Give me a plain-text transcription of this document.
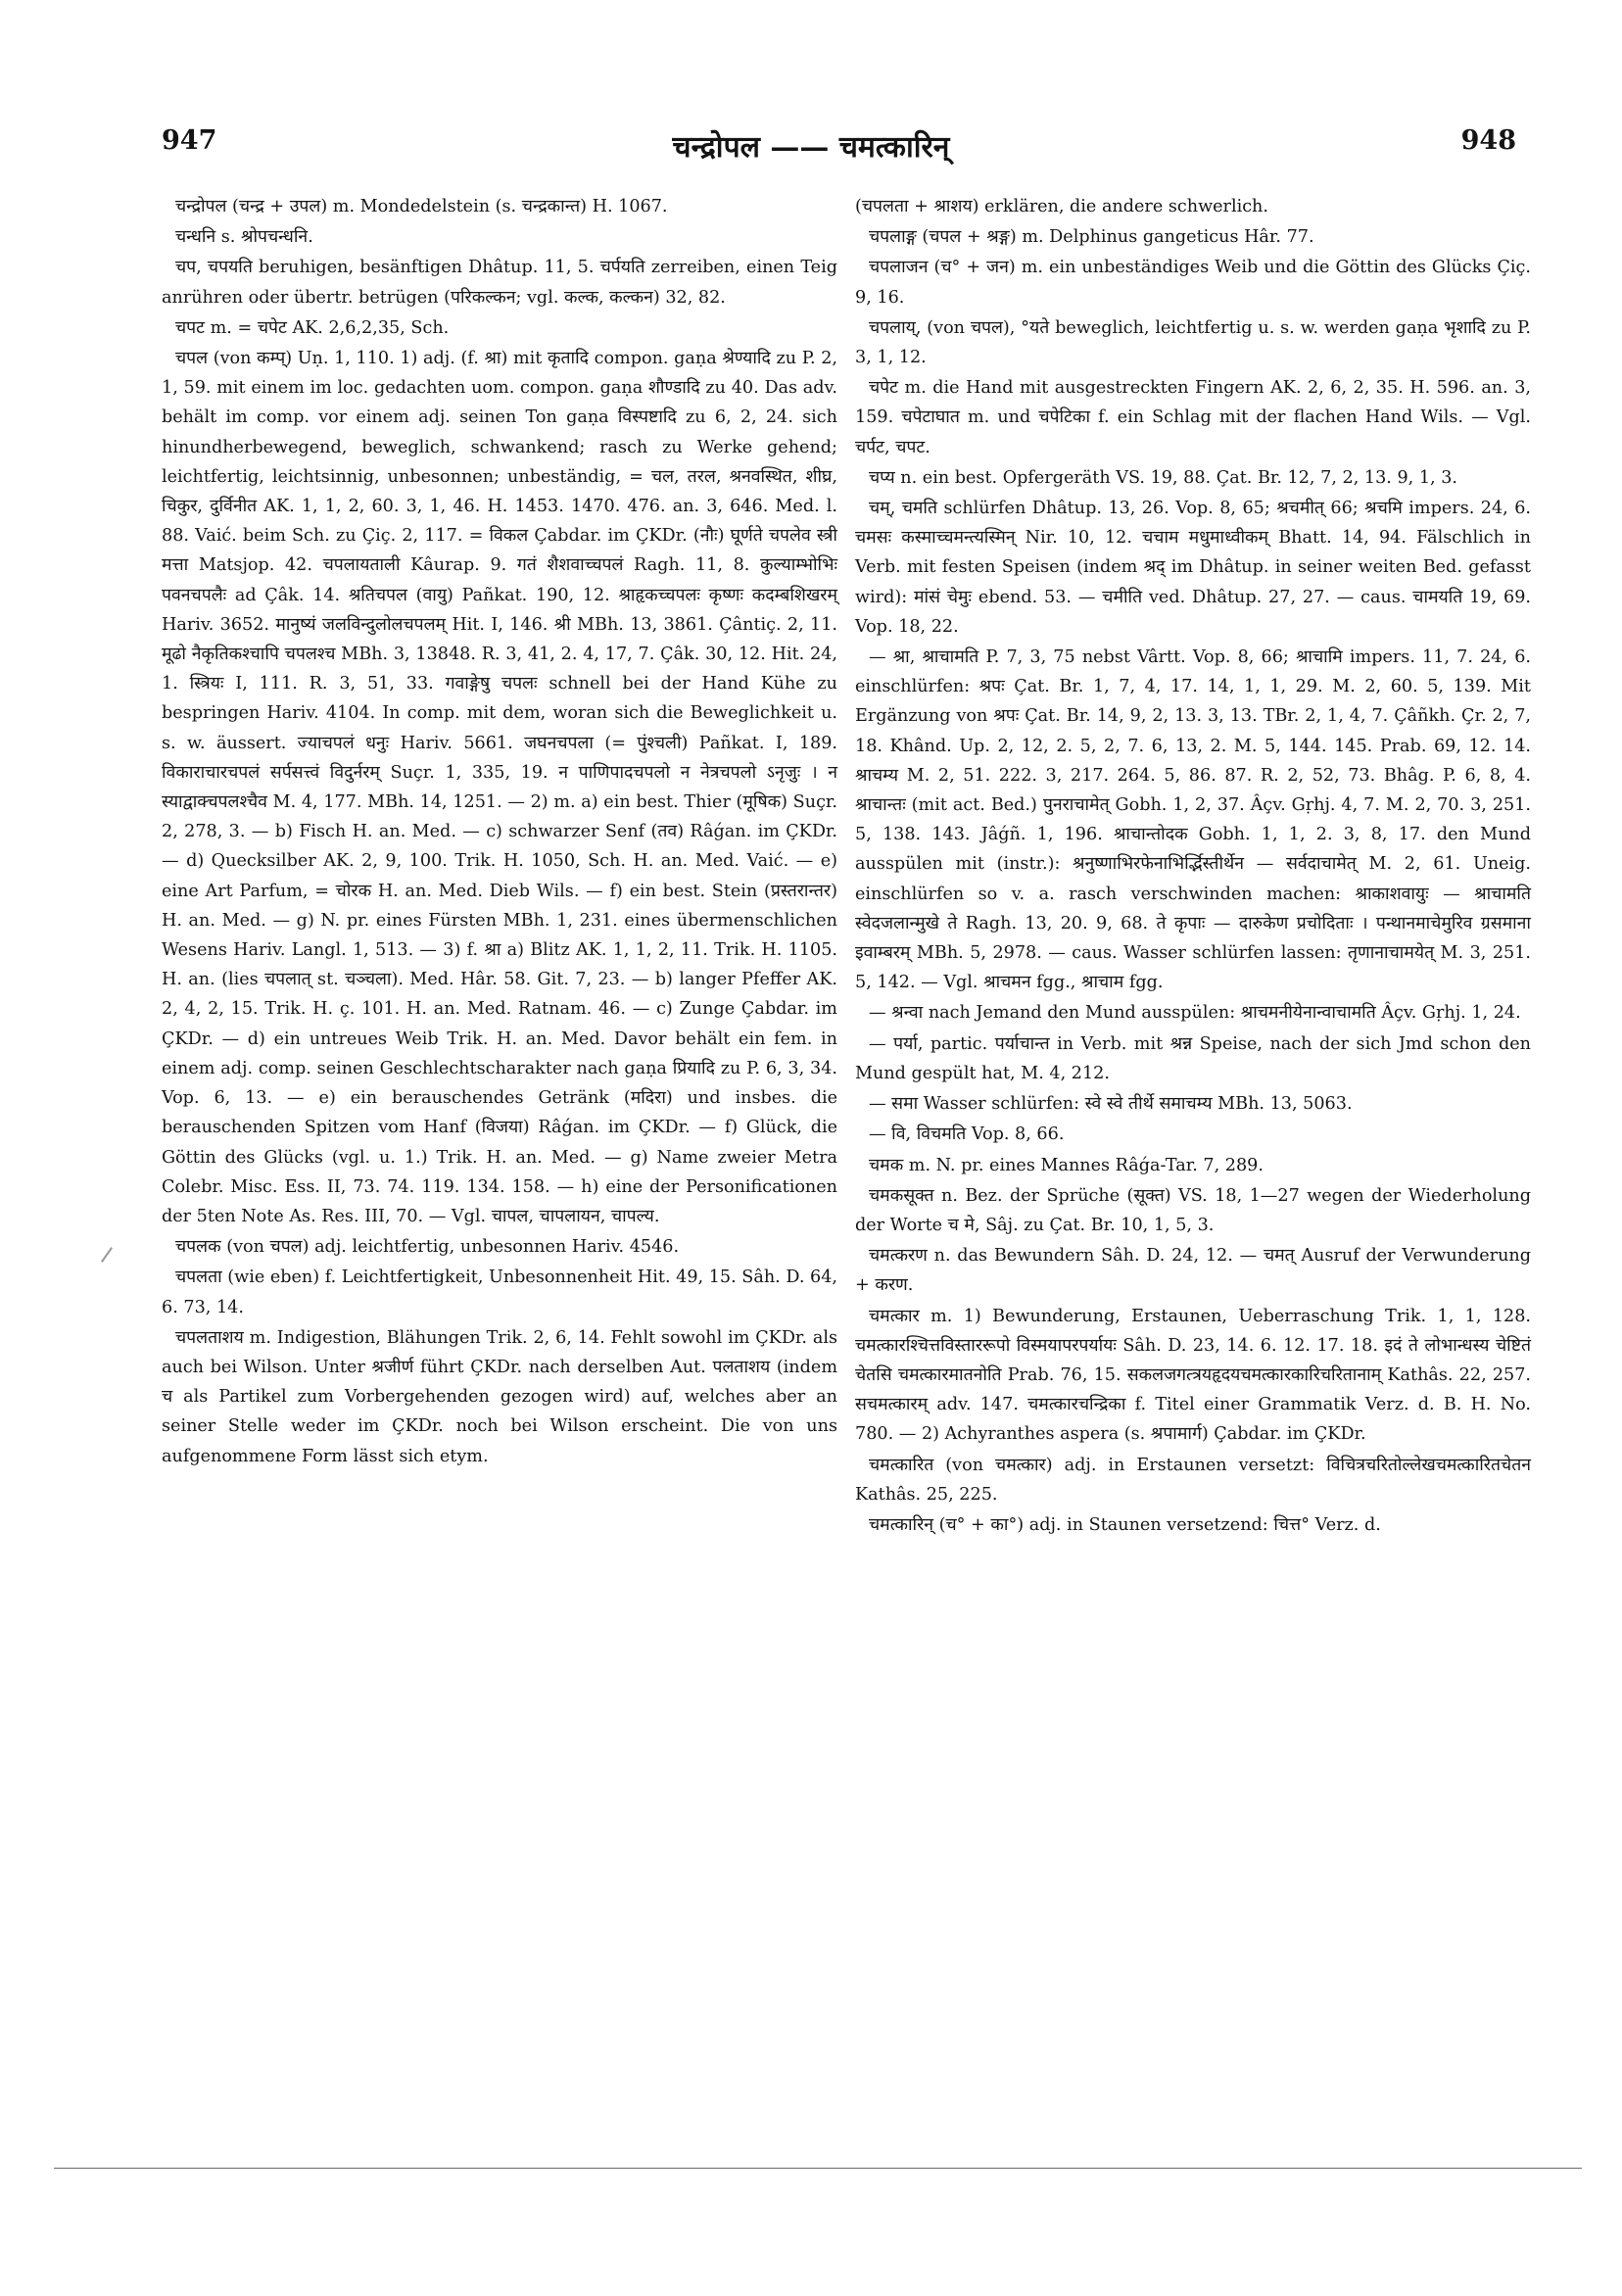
947	चन्द्रोपल —— चमत्कारिन्	948

चन्द्रोपल (चन्द्र + उपल) m. Mondedelstein (s. चन्द्रकान्त) H. 1067.

चन्धनि s. श्रोपचन्धनि.

चप, चपयति beruhigen, besänftigen Dhâtup. 11, 5. चर्पयति zerreiben, einen Teig anrühren oder übertr. betrügen (परिकल्कन; vgl. कल्क, कल्कन) 32, 82.

चपट m. = चपेट AK. 2,6,2,35, Sch.

चपल (von कम्प्) Uṇ. 1, 110. 1) adj. (f. श्रा) mit कृतादि compon. gaṇa श्रेण्यादि zu P. 2, 1, 59. mit einem im loc. gedachten uom. compon. gaṇa शौण्डादि zu 40. Das adv. behält im comp. vor einem adj. seinen Ton gaṇa विस्पष्टादि zu 6, 2, 24. sich hinundherbewegend, beweglich, schwankend; rasch zu Werke gehend; leichtfertig, leichtsinnig, unbesonnen; unbeständig, = चल, तरल, श्रनवस्थित, शीघ्र, चिकुर, दुर्विनीत AK. 1, 1, 2, 60. 3, 1, 46. H. 1453. 1470. 476. an. 3, 646. Med. l. 88. Vaić. beim Sch. zu Çiç. 2, 117. = विकल Çabdar. im ÇKDr. (नौः) घूर्णते चपलेव स्त्री मत्ता Matsjop. 42. चपलायताली Kâurap. 9. गतं शैशवाच्चपलं Ragh. 11, 8. कुल्याम्भोभिः पवनचपलैः ad Çâk. 14. श्रतिचपल (वायु) Pañkat. 190, 12. श्राहृकच्चपलः कृष्णः कदम्बशिखरम् Hariv. 3652. मानुष्यं जलविन्दुलोलचपलम् Hit. I, 146. श्री MBh. 13, 3861. Çântiç. 2, 11. मूढो नैकृतिकश्चापि चपलश्च MBh. 3, 13848. R. 3, 41, 2. 4, 17, 7. Çâk. 30, 12. Hit. 24, 1. स्त्रियः I, 111. R. 3, 51, 33. गवाङ्गेषु चपलः schnell bei der Hand Kühe zu bespringen Hariv. 4104. In comp. mit dem, woran sich die Beweglichkeit u. s. w. äussert. ज्याचपलं धनुः Hariv. 5661. जघनचपला (= पुंश्चली) Pañkat. I, 189. विकाराचारचपलं सर्पसत्त्वं विदुर्नरम् Suçr. 1, 335, 19. न पाणिपादचपलो न नेत्रचपलो ऽनृजुः । न स्याद्वाक्चपलश्चैव M. 4, 177. MBh. 14, 1251. — 2) m. a) ein best. Thier (मूषिक) Suçr. 2, 278, 3. — b) Fisch H. an. Med. — c) schwarzer Senf (तव) Râǵan. im ÇKDr. — d) Quecksilber AK. 2, 9, 100. Trik. H. 1050, Sch. H. an. Med. Vaić. — e) eine Art Parfum, = चोरक H. an. Med. Dieb Wils. — f) ein best. Stein (प्रस्तरान्तर) H. an. Med. — g) N. pr. eines Fürsten MBh. 1, 231. eines übermenschlichen Wesens Hariv. Langl. 1, 513. — 3) f. श्रा a) Blitz AK. 1, 1, 2, 11. Trik. H. 1105. H. an. (lies चपलात् st. चञ्चला). Med. Hâr. 58. Git. 7, 23. — b) langer Pfeffer AK. 2, 4, 2, 15. Trik. H. ç. 101. H. an. Med. Ratnam. 46. — c) Zunge Çabdar. im ÇKDr. — d) ein untreues Weib Trik. H. an. Med. Davor behält ein fem. in einem adj. comp. seinen Geschlechtscharakter nach gaṇa प्रियादि zu P. 6, 3, 34. Vop. 6, 13. — e) ein berauschendes Getränk (मदिरा) und insbes. die berauschenden Spitzen vom Hanf (विजया) Râǵan. im ÇKDr. — f) Glück, die Göttin des Glücks (vgl. u. 1.) Trik. H. an. Med. — g) Name zweier Metra Colebr. Misc. Ess. II, 73. 74. 119. 134. 158. — h) eine der Personificationen der 5ten Note As. Res. III, 70. — Vgl. चापल, चापलायन, चापल्य.

चपलक (von चपल) adj. leichtfertig, unbesonnen Hariv. 4546.

चपलता (wie eben) f. Leichtfertigkeit, Unbesonnenheit Hit. 49, 15. Sâh. D. 64, 6. 73, 14.

चपलताशय m. Indigestion, Blähungen Trik. 2, 6, 14. Fehlt sowohl im ÇKDr. als auch bei Wilson. Unter श्रजीर्ण führt ÇKDr. nach derselben Aut. पलताशय (indem च als Partikel zum Vorbergehenden gezogen wird) auf, welches aber an seiner Stelle weder im ÇKDr. noch bei Wilson erscheint. Die von uns aufgenommene Form lässt sich etym.

(चपलता + श्राशय) erklären, die andere schwerlich.

चपलाङ्ग (चपल + श्रङ्ग) m. Delphinus gangeticus Hâr. 77.

चपलाजन (च° + जन) m. ein unbeständiges Weib und die Göttin des Glücks Çiç. 9, 16.

चपलाय्, (von चपल), °यते beweglich, leichtfertig u. s. w. werden gaṇa भृशादि zu P. 3, 1, 12.

चपेट m. die Hand mit ausgestreckten Fingern AK. 2, 6, 2, 35. H. 596. an. 3, 159. चपेटाघात m. und चपेटिका f. ein Schlag mit der flachen Hand Wils. — Vgl. चर्पट, चपट.

चप्य n. ein best. Opfergeräth VS. 19, 88. Çat. Br. 12, 7, 2, 13. 9, 1, 3.

चम्, चमति schlürfen Dhâtup. 13, 26. Vop. 8, 65; श्रचमीत् 66; श्रचमि impers. 24, 6. चमसः कस्माच्चमन्त्यस्मिन् Nir. 10, 12. चचाम मधुमाध्वीकम् Bhatt. 14, 94. Fälschlich in Verb. mit festen Speisen (indem श्रद् im Dhâtup. in seiner weiten Bed. gefasst wird): मांसं चेमुः ebend. 53. — चमीति ved. Dhâtup. 27, 27. — caus. चामयति 19, 69. Vop. 18, 22.

— श्रा, श्राचामति P. 7, 3, 75 nebst Vârtt. Vop. 8, 66; श्राचामि impers. 11, 7. 24, 6. einschlürfen: श्रपः Çat. Br. 1, 7, 4, 17. 14, 1, 1, 29. M. 2, 60. 5, 139. Mit Ergänzung von श्रपः Çat. Br. 14, 9, 2, 13. 3, 13. TBr. 2, 1, 4, 7. Çâñkh. Çr. 2, 7, 18. Khând. Up. 2, 12, 2. 5, 2, 7. 6, 13, 2. M. 5, 144. 145. Prab. 69, 12. 14. श्राचम्य M. 2, 51. 222. 3, 217. 264. 5, 86. 87. R. 2, 52, 73. Bhâg. P. 6, 8, 4. श्राचान्तः (mit act. Bed.) पुनराचामेत् Gobh. 1, 2, 37. Âçv. Gṛhj. 4, 7. M. 2, 70. 3, 251. 5, 138. 143. Jâǵñ. 1, 196. श्राचान्तोदक Gobh. 1, 1, 2. 3, 8, 17. den Mund ausspülen mit (instr.): श्रनुष्णाभिरफेनाभिर्द्भिस्तीर्थेन — सर्वदाचामेत् M. 2, 61. Uneig. einschlürfen so v. a. rasch verschwinden machen: श्राकाशवायुः — श्राचामति स्वेदजलान्मुखे ते Ragh. 13, 20. 9, 68. ते कृपाः — दारुकेण प्रचोदिताः । पन्थानमाचेमुरिव ग्रसमाना इवाम्बरम् MBh. 5, 2978. — caus. Wasser schlürfen lassen: तृणानाचामयेत् M. 3, 251. 5, 142. — Vgl. श्राचमन fgg., श्राचाम fgg.

— श्रन्वा nach Jemand den Mund ausspülen: श्राचमनीयेनान्वाचामति Âçv. Gṛhj. 1, 24.

— पर्या, partic. पर्याचान्त in Verb. mit श्रन्न Speise, nach der sich Jmd schon den Mund gespült hat, M. 4, 212.

— समा Wasser schlürfen: स्वे स्वे तीर्थे समाचम्य MBh. 13, 5063.

— वि, विचमति Vop. 8, 66.

चमक m. N. pr. eines Mannes Râǵa-Tar. 7, 289.

चमकसूक्त n. Bez. der Sprüche (सूक्त) VS. 18, 1—27 wegen der Wiederholung der Worte च मे, Sâj. zu Çat. Br. 10, 1, 5, 3.

चमत्करण n. das Bewundern Sâh. D. 24, 12. — चमत् Ausruf der Verwunderung + करण.

चमत्कार m. 1) Bewunderung, Erstaunen, Ueberraschung Trik. 1, 1, 128. चमत्कारश्चित्तविस्ताररूपो विस्मयापरपर्यायः Sâh. D. 23, 14. 6. 12. 17. 18. इदं ते लोभान्धस्य चेष्टितं चेतसि चमत्कारमातनोति Prab. 76, 15. सकलजगत्त्रयहृदयचमत्कारकारिचरितानाम् Kathâs. 22, 257. सचमत्कारम् adv. 147. चमत्कारचन्द्रिका f. Titel einer Grammatik Verz. d. B. H. No. 780. — 2) Achyranthes aspera (s. श्रपामार्ग) Çabdar. im ÇKDr.

चमत्कारित (von चमत्कार) adj. in Erstaunen versetzt: विचित्रचरितोल्लेखचमत्कारितचेतन Kathâs. 25, 225.

चमत्कारिन् (च° + का°) adj. in Staunen versetzend: चित्त° Verz. d.
